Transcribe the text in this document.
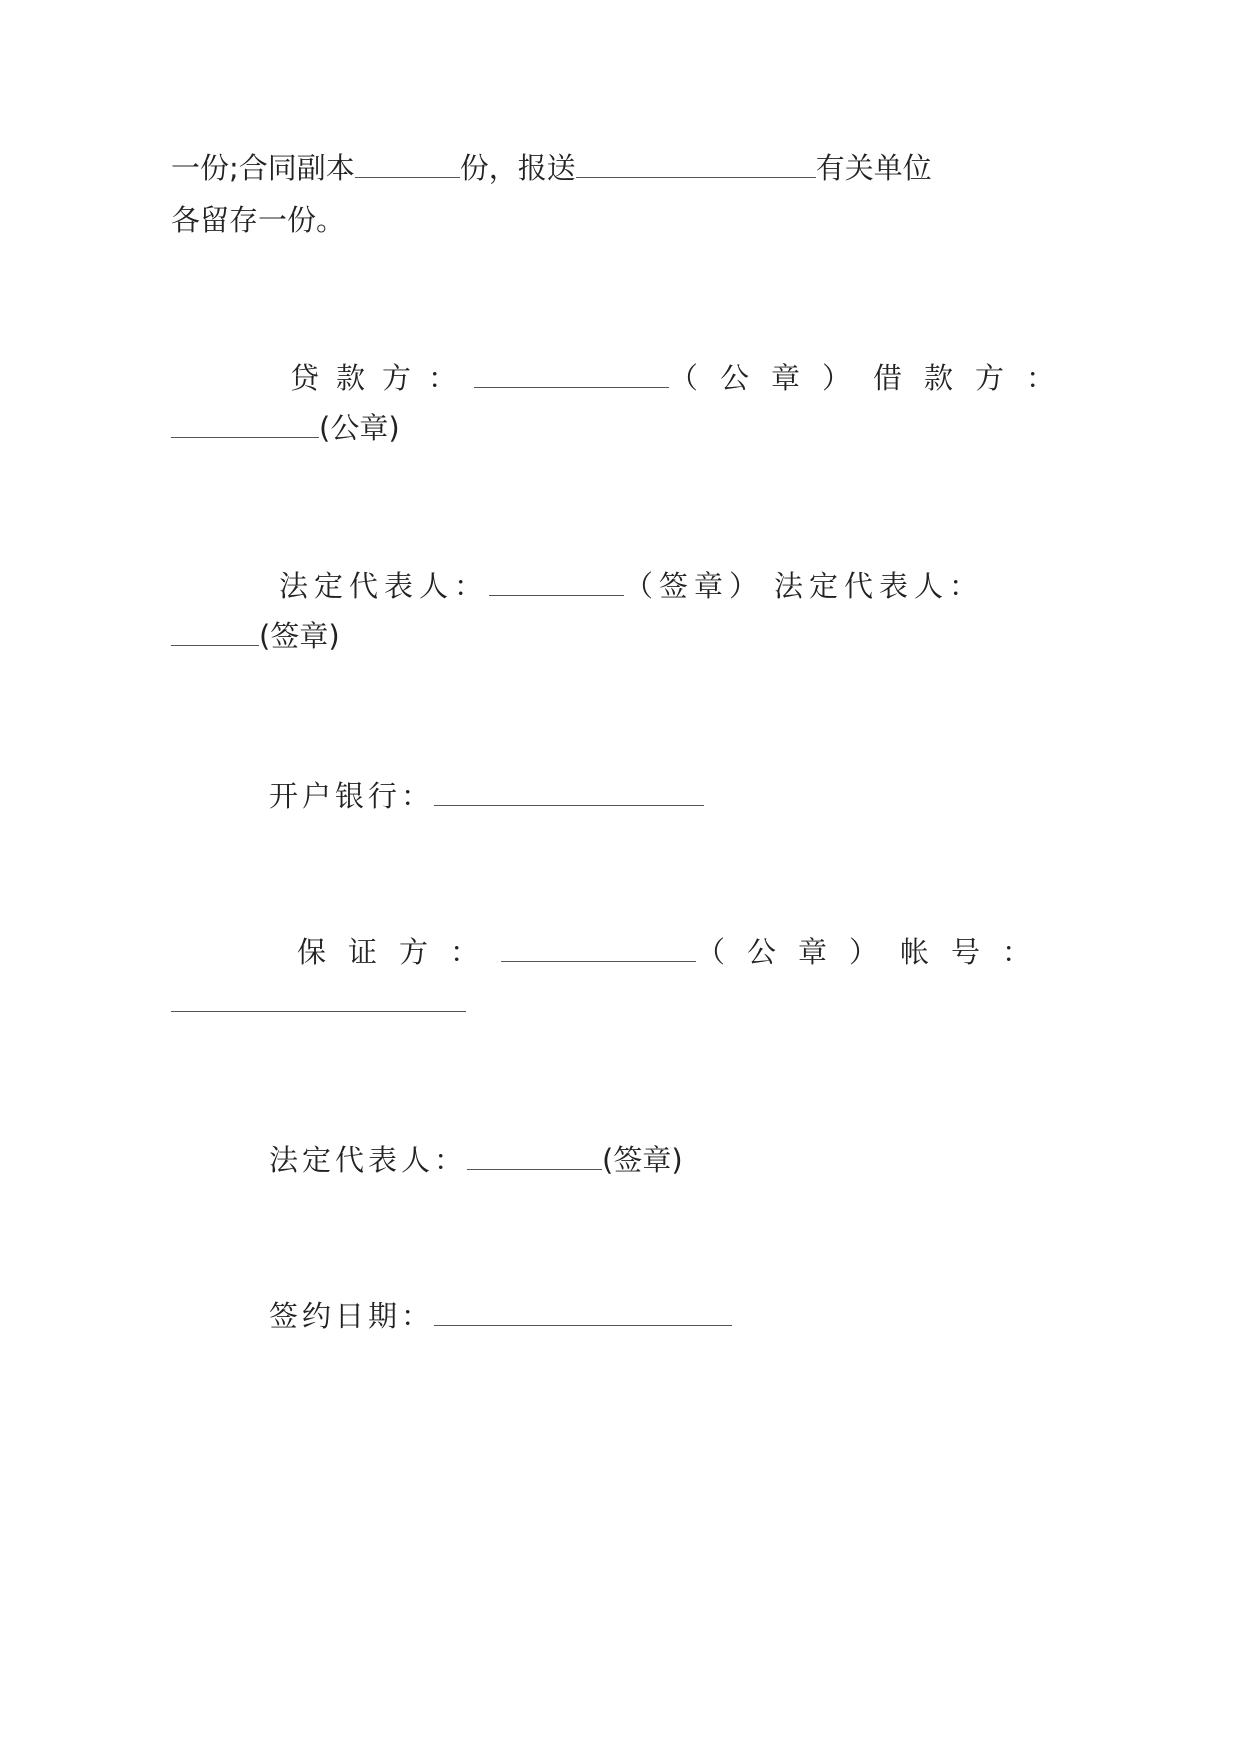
一份;合同副本	份，报送	有关单位
各留存一份。
贷款方：	（公章）借款方：
(公章)
法定代表人：	（签章） 法定代表人：
(签章)
开户银行：
保证方：	（公章）帐号：
法定代表人：	(签章)
签约日期：
